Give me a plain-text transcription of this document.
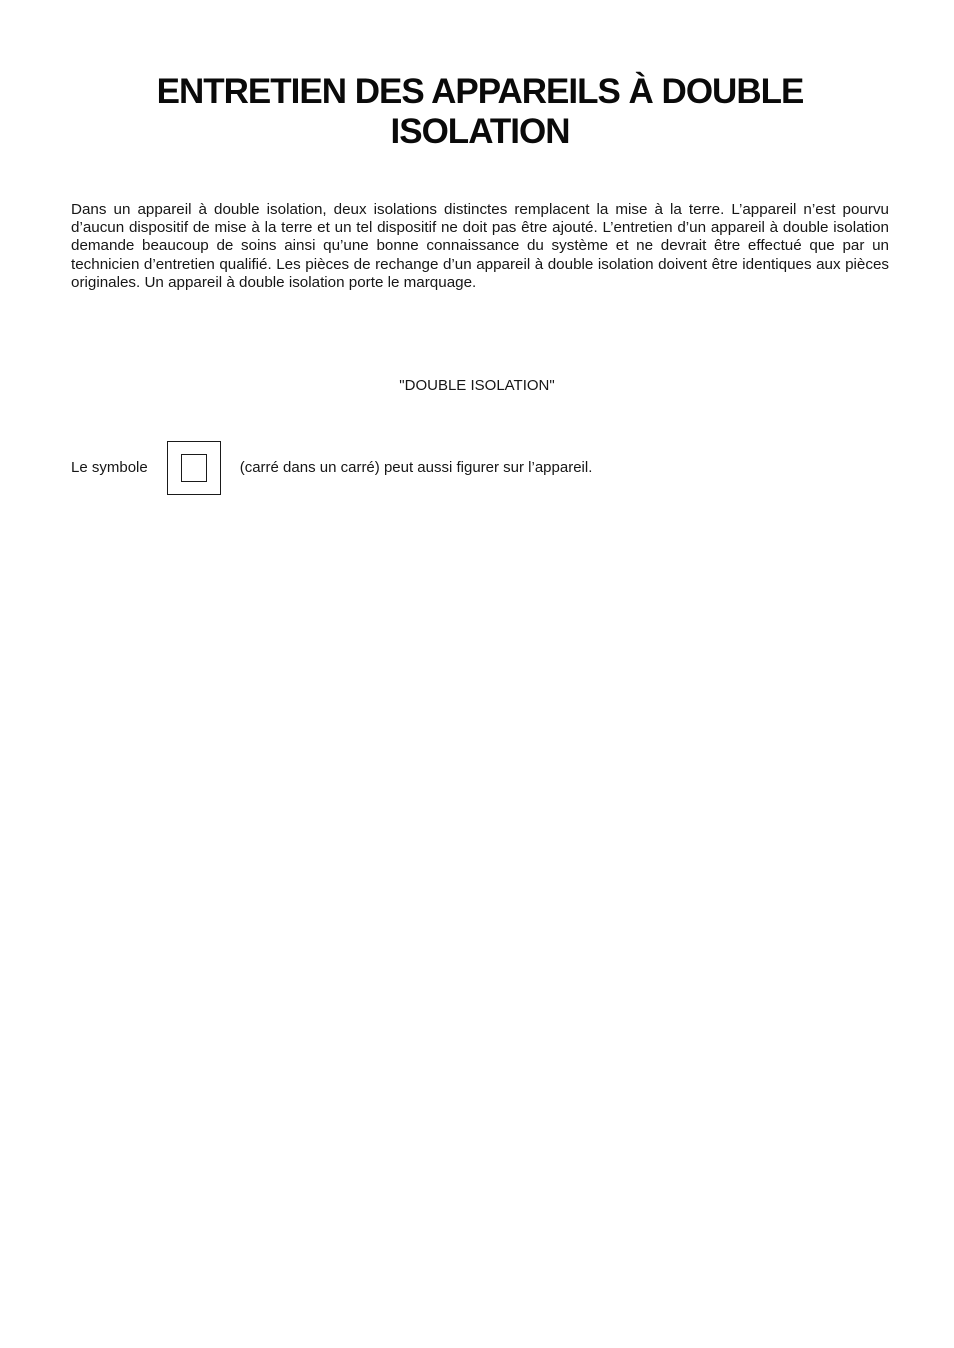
ENTRETIEN DES APPAREILS À DOUBLE
ISOLATION

Dans un appareil à double isolation, deux isolations distinctes remplacent la mise à la terre. L’appareil n’est pourvu d’aucun dispositif de mise à la terre et un tel dispositif ne doit pas être ajouté. L’entretien d’un appareil à double isolation demande beaucoup de soins ainsi qu’une bonne connaissance du système et ne devrait être effectué que par un technicien d’entretien qualifié. Les pièces de rechange d’un appareil à double isolation doivent être identiques aux pièces originales. Un appareil à double isolation porte le marquage.

"DOUBLE ISOLATION"
Le symbole	(carré dans un carré) peut aussi figurer sur l’appareil.
